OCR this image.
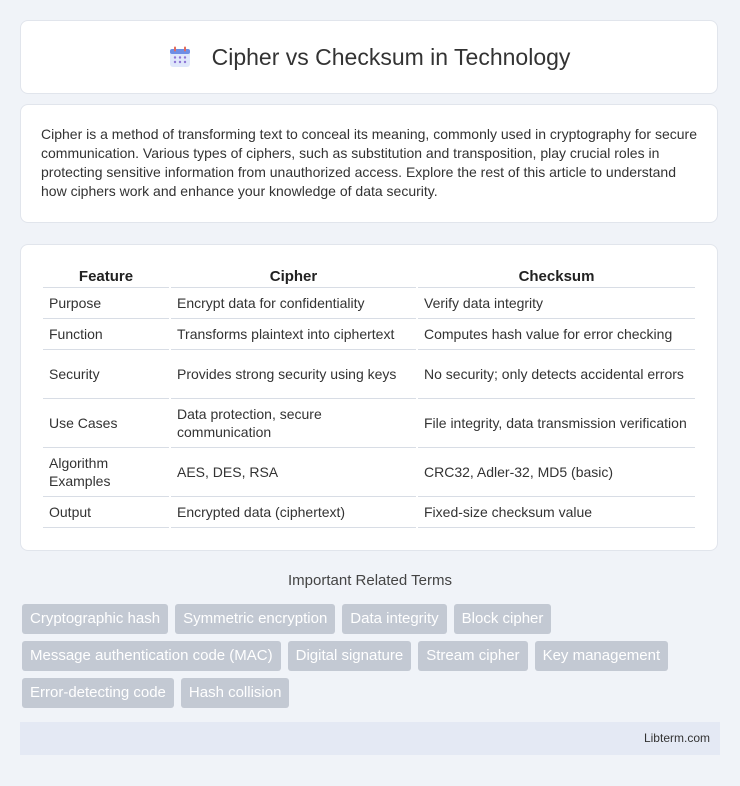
Cipher vs Checksum in Technology
Cipher is a method of transforming text to conceal its meaning, commonly used in cryptography for secure communication. Various types of ciphers, such as substitution and transposition, play crucial roles in protecting sensitive information from unauthorized access. Explore the rest of this article to understand how ciphers work and enhance your knowledge of data security.
Feature	Cipher	Checksum
Purpose	Encrypt data for confidentiality	Verify data integrity
Function	Transforms plaintext into ciphertext	Computes hash value for error checking
Security	Provides strong security using keys	No security; only detects accidental errors
Use Cases	Data protection, secure communication	File integrity, data transmission verification
Algorithm Examples	AES, DES, RSA	CRC32, Adler-32, MD5 (basic)
Output	Encrypted data (ciphertext)	Fixed-size checksum value
Important Related Terms
Cryptographic hash	Symmetric encryption	Data integrity	Block cipher
Message authentication code (MAC)	Digital signature	Stream cipher	Key management
Error-detecting code	Hash collision
Libterm.com
